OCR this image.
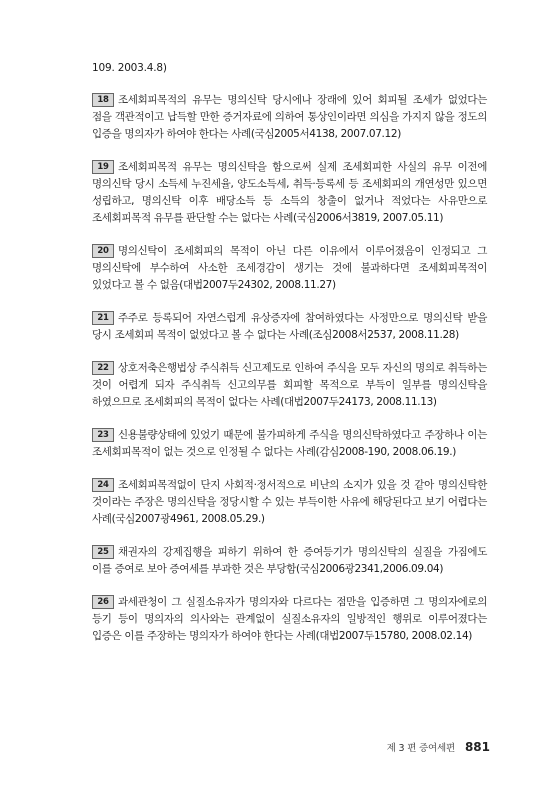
109. 2003.4.8)

18 조세회피목적의 유무는 명의신탁 당시에나 장래에 있어 회피될 조세가 없었다는 점을 객관적이고 납득할 만한 증거자료에 의하여 통상인이라면 의심을 가지지 않을 정도의 입증을 명의자가 하여야 한다는 사례(국심2005서4138, 2007.07.12)

19 조세회피목적 유무는 명의신탁을 함으로써 실제 조세회피한 사실의 유무 이전에 명의신탁 당시 소득세 누진세율, 양도소득세, 취득·등록세 등 조세회피의 개연성만 있으면 성립하고, 명의신탁 이후 배당소득 등 소득의 창출이 없거나 적었다는 사유만으로 조세회피목적 유무를 판단할 수는 없다는 사례(국심2006서3819, 2007.05.11)

20 명의신탁이 조세회피의 목적이 아닌 다른 이유에서 이루어졌음이 인정되고 그 명의신탁에 부수하여 사소한 조세경감이 생기는 것에 불과하다면 조세회피목적이 있었다고 볼 수 없음(대법2007두24302, 2008.11.27)

21 주주로 등록되어 자연스럽게 유상증자에 참여하였다는 사정만으로 명의신탁 받을 당시 조세회피 목적이 없었다고 볼 수 없다는 사례(조심2008서2537, 2008.11.28)

22 상호저축은행법상 주식취득 신고제도로 인하여 주식을 모두 자신의 명의로 취득하는 것이 어렵게 되자 주식취득 신고의무를 회피할 목적으로 부득이 일부를 명의신탁을 하였으므로 조세회피의 목적이 없다는 사례(대법2007두24173, 2008.11.13)

23 신용불량상태에 있었기 때문에 불가피하게 주식을 명의신탁하였다고 주장하나 이는 조세회피목적이 없는 것으로 인정될 수 없다는 사례(감심2008-190, 2008.06.19.)

24 조세회피목적없이 단지 사회적·정서적으로 비난의 소지가 있을 것 같아 명의신탁한 것이라는 주장은 명의신탁을 정당시할 수 있는 부득이한 사유에 해당된다고 보기 어렵다는 사례(국심2007광4961, 2008.05.29.)

25 채권자의 강제집행을 피하기 위하여 한 증여등기가 명의신탁의 실질을 가짐에도 이를 증여로 보아 증여세를 부과한 것은 부당함(국심2006광2341,2006.09.04)

26 과세관청이 그 실질소유자가 명의자와 다르다는 점만을 입증하면 그 명의자에로의 등기 등이 명의자의 의사와는 관계없이 실질소유자의 일방적인 행위로 이루어졌다는 입증은 이를 주장하는 명의자가 하여야 한다는 사례(대법2007두15780, 2008.02.14)

제 3 편 증여세편 881
